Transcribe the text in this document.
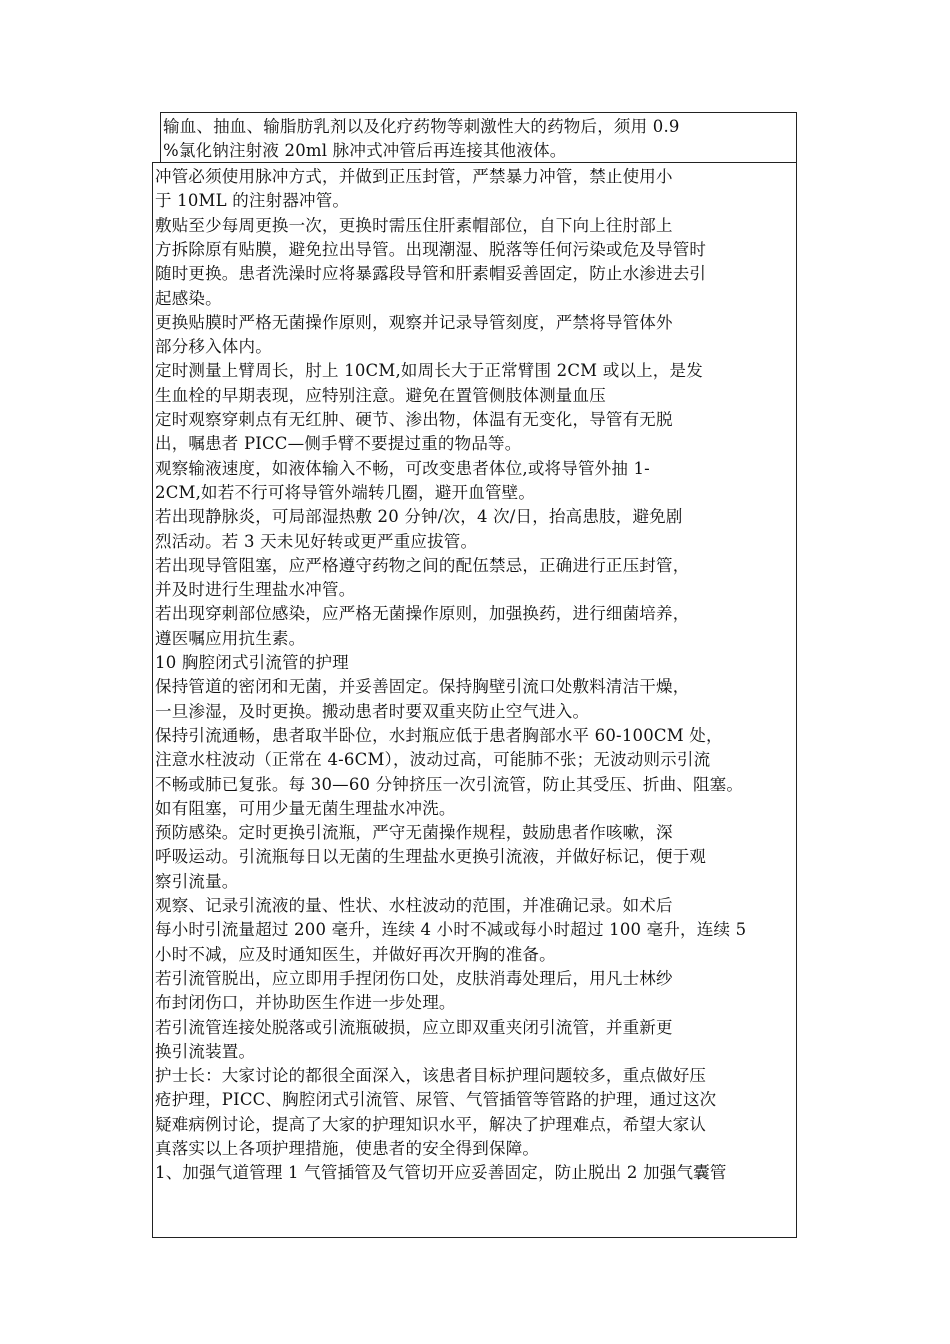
输血、抽血、输脂肪乳剂以及化疗药物等刺激性大的药物后，须用 0.9
%氯化钠注射液 20ml 脉冲式冲管后再连接其他液体。
冲管必须使用脉冲方式，并做到正压封管，严禁暴力冲管，禁止使用小
于 10ML 的注射器冲管。
敷贴至少每周更换一次，更换时需压住肝素帽部位，自下向上往肘部上
方拆除原有贴膜，避免拉出导管。出现潮湿、脱落等任何污染或危及导管时
随时更换。患者洗澡时应将暴露段导管和肝素帽妥善固定，防止水渗进去引
起感染。
更换贴膜时严格无菌操作原则，观察并记录导管刻度，严禁将导管体外
部分移入体内。
定时测量上臂周长，肘上 10CM,如周长大于正常臂围 2CM 或以上，是发
生血栓的早期表现，应特别注意。避免在置管侧肢体测量血压
定时观察穿刺点有无红肿、硬节、渗出物，体温有无变化，导管有无脱
出，嘱患者 PICC—侧手臂不要提过重的物品等。
观察输液速度，如液体输入不畅，可改变患者体位,或将导管外抽 1-
2CM,如若不行可将导管外端转几圈，避开血管壁。
若出现静脉炎，可局部湿热敷 20 分钟/次，4 次/日，抬高患肢，避免剧
烈活动。若 3 天未见好转或更严重应拔管。
若出现导管阻塞，应严格遵守药物之间的配伍禁忌，正确进行正压封管，
并及时进行生理盐水冲管。
若出现穿刺部位感染，应严格无菌操作原则，加强换药，进行细菌培养，
遵医嘱应用抗生素。
10 胸腔闭式引流管的护理
保持管道的密闭和无菌，并妥善固定。保持胸壁引流口处敷料清洁干燥，
一旦渗湿，及时更换。搬动患者时要双重夹防止空气进入。
保持引流通畅，患者取半卧位，水封瓶应低于患者胸部水平 60-100CM 处，
注意水柱波动（正常在 4-6CM），波动过高，可能肺不张；无波动则示引流
不畅或肺已复张。每 30—60 分钟挤压一次引流管，防止其受压、折曲、阻塞。
如有阻塞，可用少量无菌生理盐水冲洗。
预防感染。定时更换引流瓶，严守无菌操作规程，鼓励患者作咳嗽，深
呼吸运动。引流瓶每日以无菌的生理盐水更换引流液，并做好标记，便于观
察引流量。
观察、记录引流液的量、性状、水柱波动的范围，并准确记录。如术后
每小时引流量超过 200 毫升，连续 4 小时不减或每小时超过 100 毫升，连续 5
小时不减，应及时通知医生，并做好再次开胸的准备。
若引流管脱出，应立即用手捏闭伤口处，皮肤消毒处理后，用凡士林纱
布封闭伤口，并协助医生作进一步处理。
若引流管连接处脱落或引流瓶破损，应立即双重夹闭引流管，并重新更
换引流装置。
护士长：大家讨论的都很全面深入，该患者目标护理问题较多，重点做好压
疮护理，PICC、胸腔闭式引流管、尿管、气管插管等管路的护理，通过这次
疑难病例讨论，提高了大家的护理知识水平，解决了护理难点，希望大家认
真落实以上各项护理措施，使患者的安全得到保障。
1、加强气道管理 1 气管插管及气管切开应妥善固定，防止脱出 2 加强气囊管
